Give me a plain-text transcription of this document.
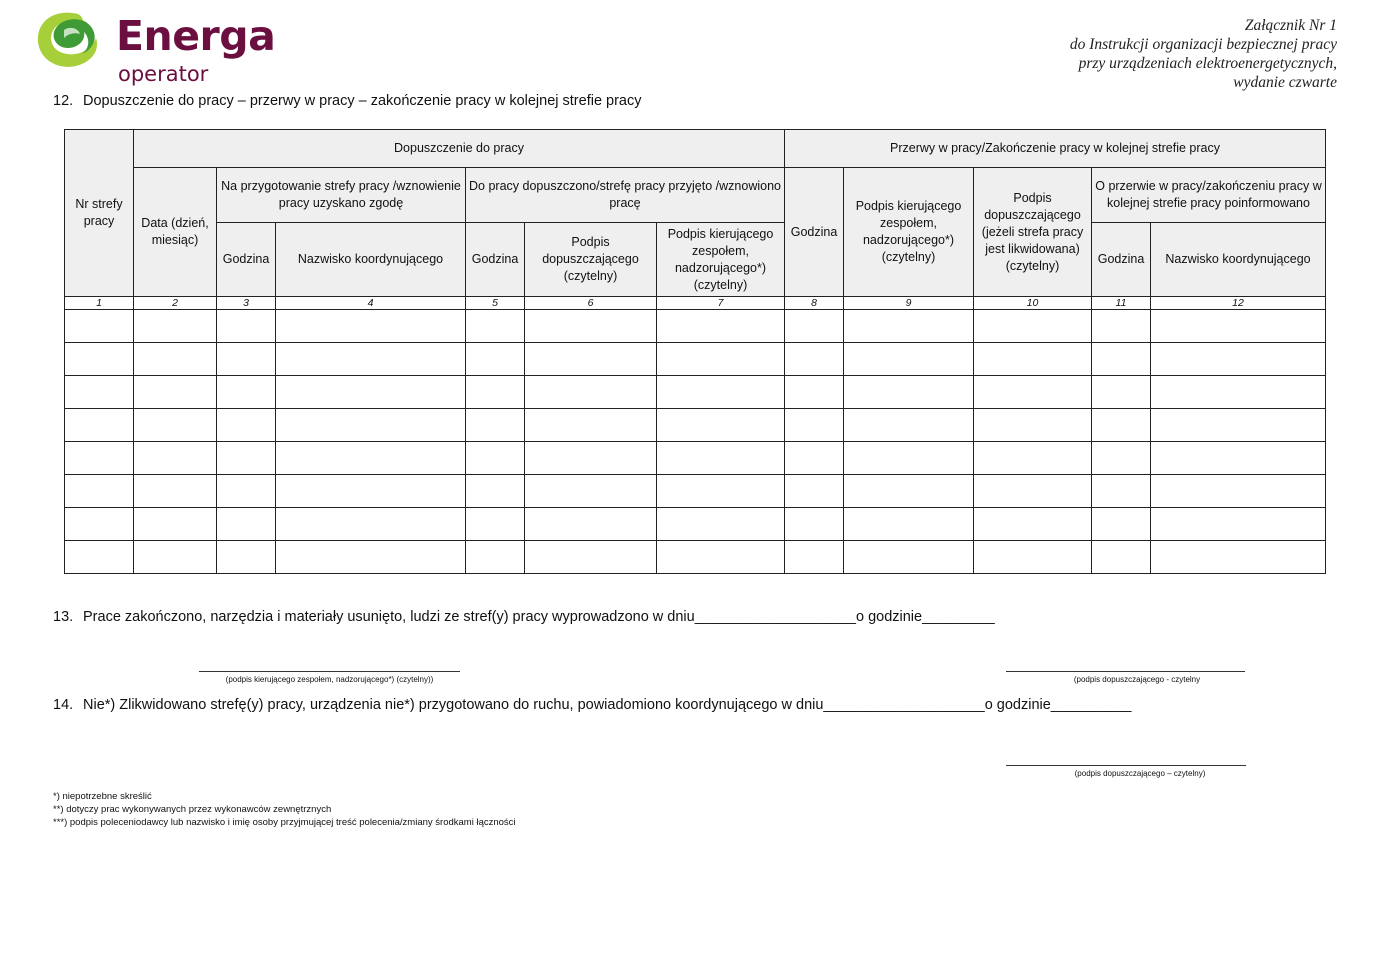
Energa
operator
Załącznik Nr 1
do Instrukcji organizacji bezpiecznej pracy
przy urządzeniach elektroenergetycznych,
wydanie czwarte
12. Dopuszczenie do pracy – przerwy w pracy – zakończenie pracy w kolejnej strefie pracy
Nr strefy pracy	Dopuszczenie do pracy						Przerwy w pracy/Zakończenie pracy w kolejnej strefie pracy				
	Data (dzień, miesiąc)	Na przygotowanie strefy pracy /wznowienie pracy uzyskano zgodę		Do pracy dopuszczono/strefę pracy przyjęto /wznowiono pracę			Godzina	Podpis kierującego zespołem, nadzorującego*) (czytelny)	Podpis dopuszczającego (jeżeli strefa pracy jest likwidowana) (czytelny)	O przerwie w pracy/zakończeniu pracy w kolejnej strefie pracy poinformowano	
		Godzina	Nazwisko koordynującego	Godzina	Podpis dopuszczającego (czytelny)	Podpis kierującego zespołem, nadzorującego*) (czytelny)				Godzina	Nazwisko koordynującego
1	2	3	4	5	6	7	8	9	10	11	12

13. Prace zakończono, narzędzia i materiały usunięto, ludzi ze stref(y) pracy wyprowadzono w dniu____________________o godzinie_________
(podpis kierującego zespołem, nadzorującego*) (czytelny))	(podpis dopuszczającego - czytelny
14. Nie*) Zlikwidowano strefę(y) pracy, urządzenia nie*) przygotowano do ruchu, powiadomiono koordynującego w dniu____________________o godzinie__________
(podpis dopuszczającego – czytelny)
*) niepotrzebne skreślić
**) dotyczy prac wykonywanych przez wykonawców zewnętrznych
***) podpis poleceniodawcy lub nazwisko i imię osoby przyjmującej treść polecenia/zmiany środkami łączności
